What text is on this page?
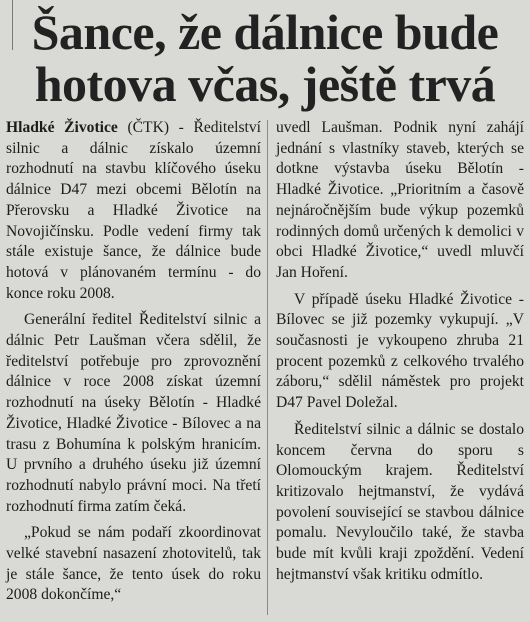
Šance, že dálnice bude
hotova včas, ještě trvá

Hladké Životice (ČTK) - Ředitelství silnic a dálnic získalo územní rozhodnutí na stavbu klíčového úseku dálnice D47 mezi obcemi Bělotín na Přerovsku a Hladké Životice na Novojičínsku. Podle vedení firmy tak stále existuje šance, že dálnice bude hotová v plánovaném termínu - do konce roku 2008.

Generální ředitel Ředitelství silnic a dálnic Petr Laušman včera sdělil, že ředitelství potřebuje pro zprovoznění dálnice v roce 2008 získat územní rozhodnutí na úseky Bělotín - Hladké Životice, Hladké Životice - Bílovec a na trasu z Bohumína k polským hranicím. U prvního a druhého úseku již územní rozhodnutí nabylo právní moci. Na třetí rozhodnutí firma zatím čeká.

„Pokud se nám podaří zkoordinovat velké stavební nasazení zhotovitelů, tak je stále šance, že tento úsek do roku 2008 dokončíme,“

uvedl Laušman. Podnik nyní zahájí jednání s vlastníky staveb, kterých se dotkne výstavba úseku Bělotín - Hladké Životice. „Prioritním a časově nejnáročnějším bude výkup pozemků rodinných domů určených k demolici v obci Hladké Životice,“ uvedl mluvčí Jan Hoření.

V případě úseku Hladké Životice - Bílovec se již pozemky vykupují. „V současnosti je vykoupeno zhruba 21 procent pozemků z celkového trvalého záboru,“ sdělil náměstek pro projekt D47 Pavel Doležal.

Ředitelství silnic a dálnic se dostalo koncem června do sporu s Olomouckým krajem. Ředitelství kritizovalo hejtmanství, že vydává povolení související se stavbou dálnice pomalu. Nevyloučilo také, že stavba bude mít kvůli kraji zpoždění. Vedení hejtmanství však kritiku odmítlo.
